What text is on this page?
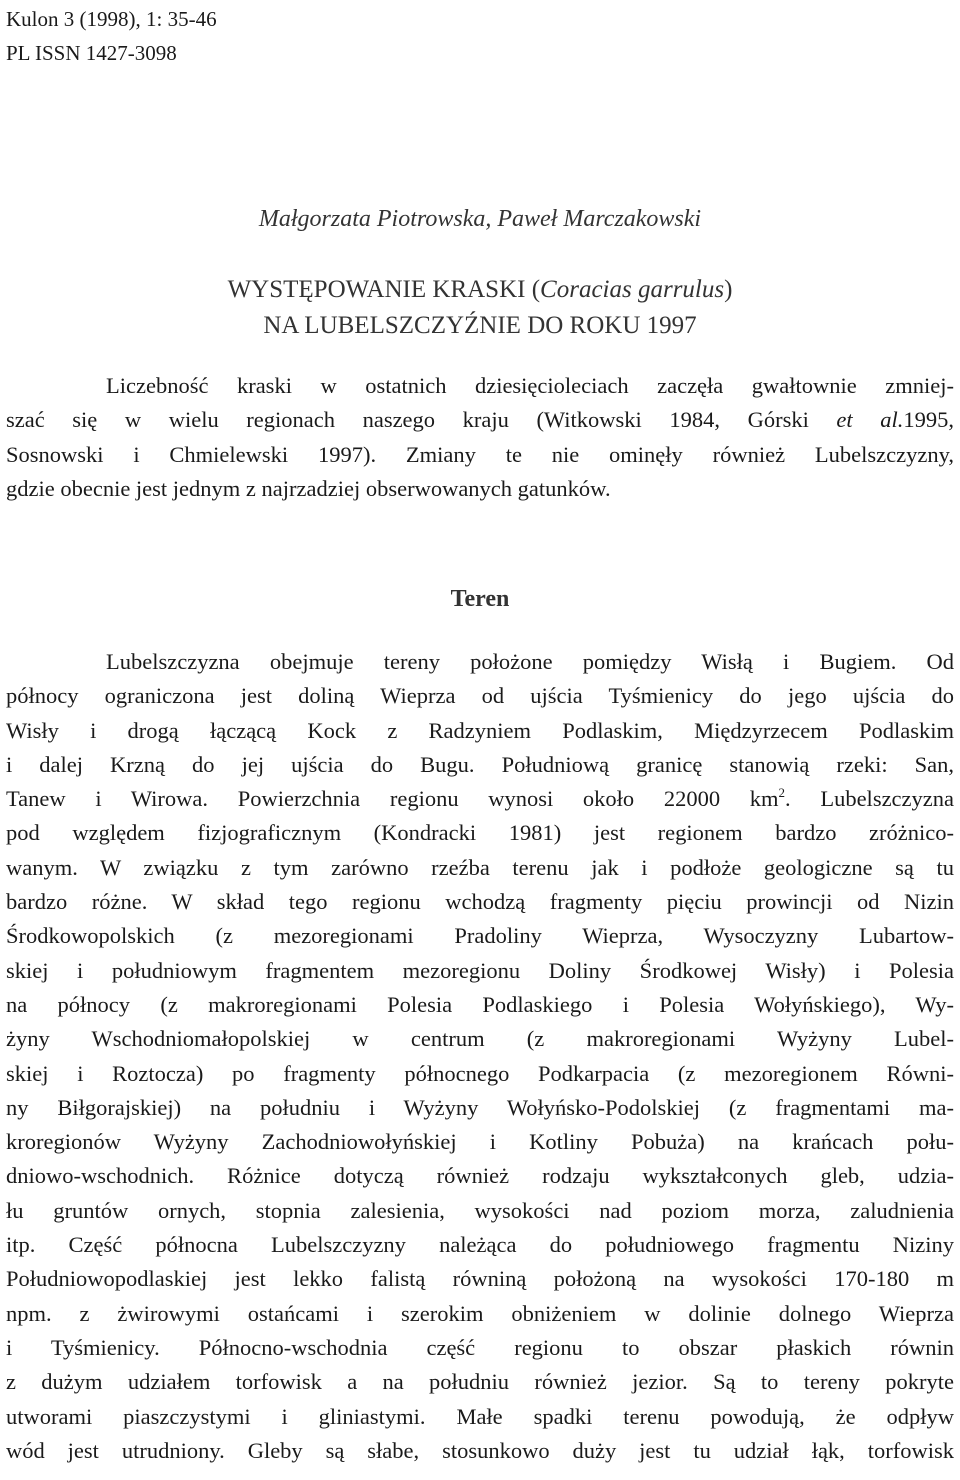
Kulon 3 (1998), 1: 35-46
PL ISSN 1427-3098
Małgorzata Piotrowska, Paweł Marczakowski
WYSTĘPOWANIE KRASKI (Coracias garrulus)
NA LUBELSZCZYŹNIE DO ROKU 1997
Liczebność kraski w ostatnich dziesięcioleciach zaczęła gwałtownie zmniej-
szać się w wielu regionach naszego kraju (Witkowski 1984, Górski et al.1995,
Sosnowski i Chmielewski 1997). Zmiany te nie ominęły również Lubelszczyzny,
gdzie obecnie jest jednym z najrzadziej obserwowanych gatunków.
Teren
Lubelszczyzna obejmuje tereny położone pomiędzy Wisłą i Bugiem. Od
północy ograniczona jest doliną Wieprza od ujścia Tyśmienicy do jego ujścia do
Wisły i drogą łączącą Kock z Radzyniem Podlaskim, Międzyrzecem Podlaskim
i dalej Krzną do jej ujścia do Bugu. Południową granicę stanowią rzeki: San,
Tanew i Wirowa. Powierzchnia regionu wynosi około 22000 $km^2$. Lubelszczyzna
pod względem fizjograficznym (Kondracki 1981) jest regionem bardzo zróżnico-
wanym. W związku z tym zarówno rzeźba terenu jak i podłoże geologiczne są tu
bardzo różne. W skład tego regionu wchodzą fragmenty pięciu prowincji od Nizin
Środkowopolskich (z mezoregionami Pradoliny Wieprza, Wysoczyzny Lubartow-
skiej i południowym fragmentem mezoregionu Doliny Środkowej Wisły) i Polesia
na północy (z makroregionami Polesia Podlaskiego i Polesia Wołyńskiego), Wy-
żyny Wschodniomałopolskiej w centrum (z makroregionami Wyżyny Lubel-
skiej i Roztocza) po fragmenty północnego Podkarpacia (z mezoregionem Równi-
ny Biłgorajskiej) na południu i Wyżyny Wołyńsko-Podolskiej (z fragmentami ma-
kroregionów Wyżyny Zachodniowołyńskiej i Kotliny Pobuża) na krańcach połu-
dniowo-wschodnich. Różnice dotyczą również rodzaju wykształconych gleb, udzia-
łu gruntów ornych, stopnia zalesienia, wysokości nad poziom morza, zaludnienia
itp. Część północna Lubelszczyzny należąca do południowego fragmentu Niziny
Południowopodlaskiej jest lekko falistą równiną położoną na wysokości 170-180 m
npm. z żwirowymi ostańcami i szerokim obniżeniem w dolinie dolnego Wieprza
i Tyśmienicy. Północno-wschodnia część regionu to obszar płaskich równin
z dużym udziałem torfowisk a na południu również jezior. Są to tereny pokryte
utworami piaszczystymi i gliniastymi. Małe spadki terenu powodują, że odpływ
wód jest utrudniony. Gleby są słabe, stosunkowo duży jest tu udział łąk, torfowisk
